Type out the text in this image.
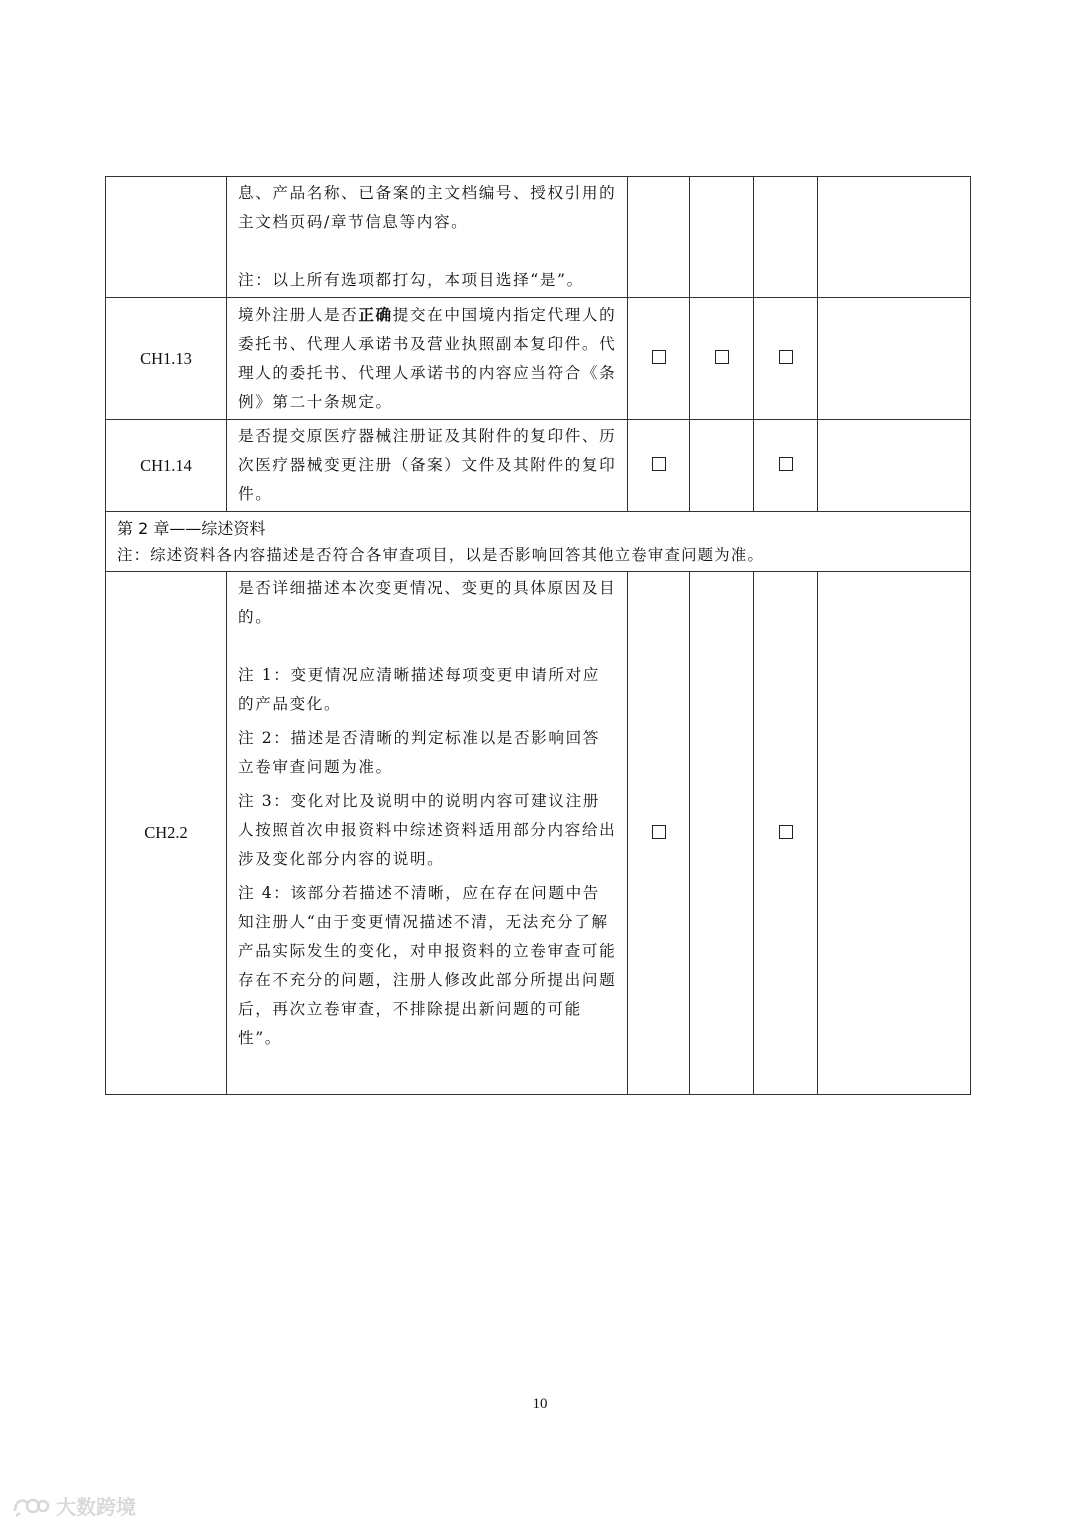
	息、产品名称、已备案的主文档编号、授权引用的主文档页码/章节信息等内容。

注：以上所有选项都打勾，本项目选择“是”。				

CH1.13	境外注册人是否正确提交在中国境内指定代理人的委托书、代理人承诺书及营业执照副本复印件。代理人的委托书、代理人承诺书的内容应当符合《条例》第二十条规定。				
CH1.14	是否提交原医疗器械注册证及其附件的复印件、历次医疗器械变更注册（备案）文件及其附件的复印件。				

第 2 章——综述资料
注：综述资料各内容描述是否符合各审查项目，以是否影响回答其他立卷审查问题为准。					

CH2.2	是否详细描述本次变更情况、变更的具体原因及目的。

注 1：变更情况应清晰描述每项变更申请所对应的产品变化。

注 2：描述是否清晰的判定标准以是否影响回答立卷审查问题为准。

注 3：变化对比及说明中的说明内容可建议注册人按照首次申报资料中综述资料适用部分内容给出涉及变化部分内容的说明。

注 4：该部分若描述不清晰，应在存在问题中告知注册人“由于变更情况描述不清，无法充分了解产品实际发生的变化，对申报资料的立卷审查可能存在不充分的问题，注册人修改此部分所提出问题后，再次立卷审查，不排除提出新问题的可能性”。				

10
大数跨境
